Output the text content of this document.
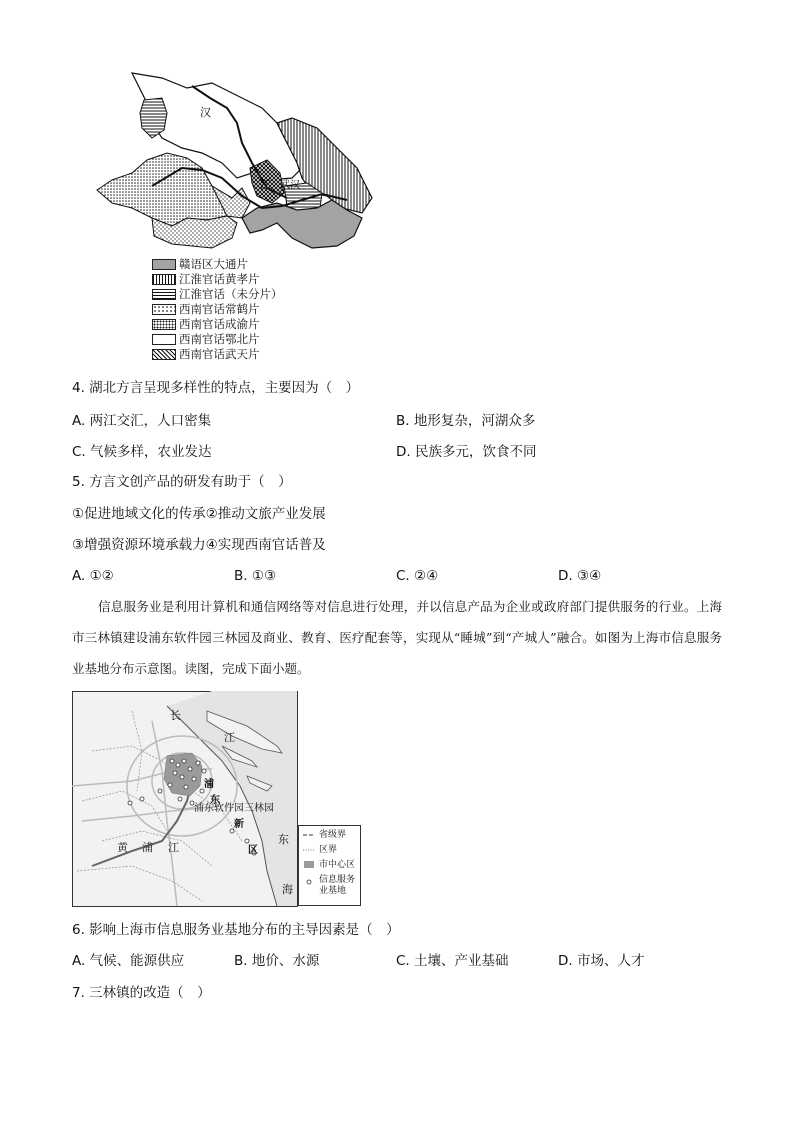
汉
江 武汉
赣语区大通片
江淮官话黄孝片
江淮官话（未分片）
西南官话常鹤片
西南官话成渝片
西南官话鄂北片
西南官话武天片
4. 湖北方言呈现多样性的特点，主要因为（　）
A. 两江交汇，人口密集	B. 地形复杂，河湖众多
C. 气候多样，农业发达	D. 民族多元，饮食不同
5. 方言文创产品的研发有助于（　）
①促进地域文化的传承②推动文旅产业发展
③增强资源环境承载力④实现西南官话普及
A. ①②	B. ①③	C. ②④	D. ③④
信息服务业是利用计算机和通信网络等对信息进行处理，并以信息产品为企业或政府部门提供服务的行业。上海市三林镇建设浦东软件园三林园及商业、教育、医疗配套等，实现从“睡城”到“产城人”融合。如图为上海市信息服务业基地分布示意图。读图，完成下面小题。
长
江
浦
东
浦东软件园三林园
新
区
黄 浦 江
东
海
省级界
区界
市中心区
信息服务
业基地
6. 影响上海市信息服务业基地分布的主导因素是（　）
A. 气候、能源供应	B. 地价、水源	C. 土壤、产业基础	D. 市场、人才
7. 三林镇的改造（　）
